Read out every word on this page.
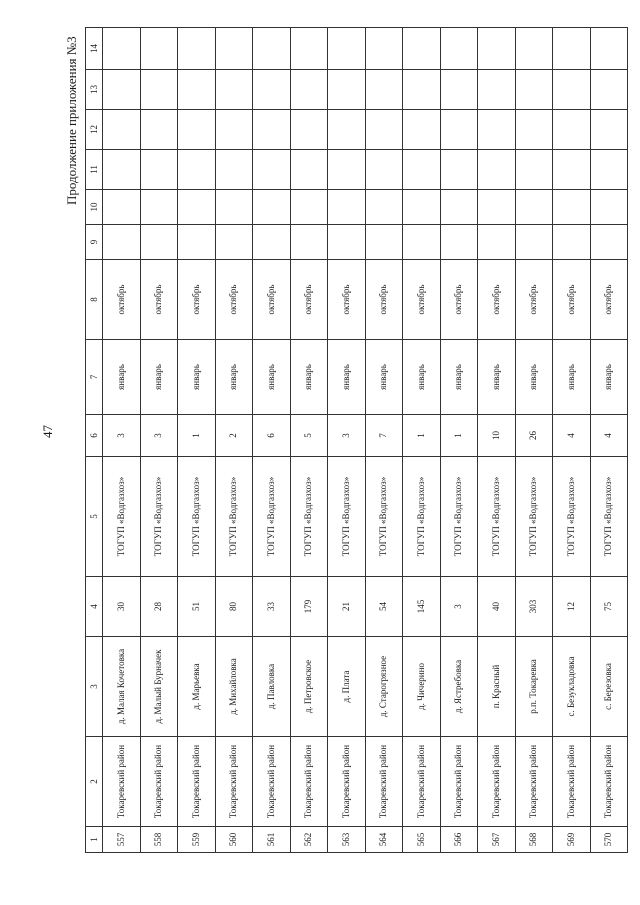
47
Продолжение приложения №3
1	2	3	4	5	6	7	8	9	10	11	12	13	14
557	Токаревский район	д. Малая Кочетовка	30	ТОГУП «Водгазхоз»	3	январь	октябрь						
558	Токаревский район	д. Малый Бурначек	28	ТОГУП «Водгазхоз»	3	январь	октябрь						
559	Токаревский район	д. Марьевка	51	ТОГУП «Водгазхоз»	1	январь	октябрь						
560	Токаревский район	д. Михайловка	80	ТОГУП «Водгазхоз»	2	январь	октябрь						
561	Токаревский район	д. Павловка	33	ТОГУП «Водгазхоз»	6	январь	октябрь						
562	Токаревский район	д. Петровское	179	ТОГУП «Водгазхоз»	5	январь	октябрь						
563	Токаревский район	д. Плата	21	ТОГУП «Водгазхоз»	3	январь	октябрь						
564	Токаревский район	д. Старогрязное	54	ТОГУП «Водгазхоз»	7	январь	октябрь						
565	Токаревский район	д. Чичерино	145	ТОГУП «Водгазхоз»	1	январь	октябрь						
566	Токаревский район	д. Ястребовка	3	ТОГУП «Водгазхоз»	1	январь	октябрь						
567	Токаревский район	п. Красный	40	ТОГУП «Водгазхоз»	10	январь	октябрь						
568	Токаревский район	р.п. Токаревка	303	ТОГУП «Водгазхоз»	26	январь	октябрь						
569	Токаревский район	с. Безукладовка	12	ТОГУП «Водгазхоз»	4	январь	октябрь						
570	Токаревский район	с. Березовка	75	ТОГУП «Водгазхоз»	4	январь	октябрь						
